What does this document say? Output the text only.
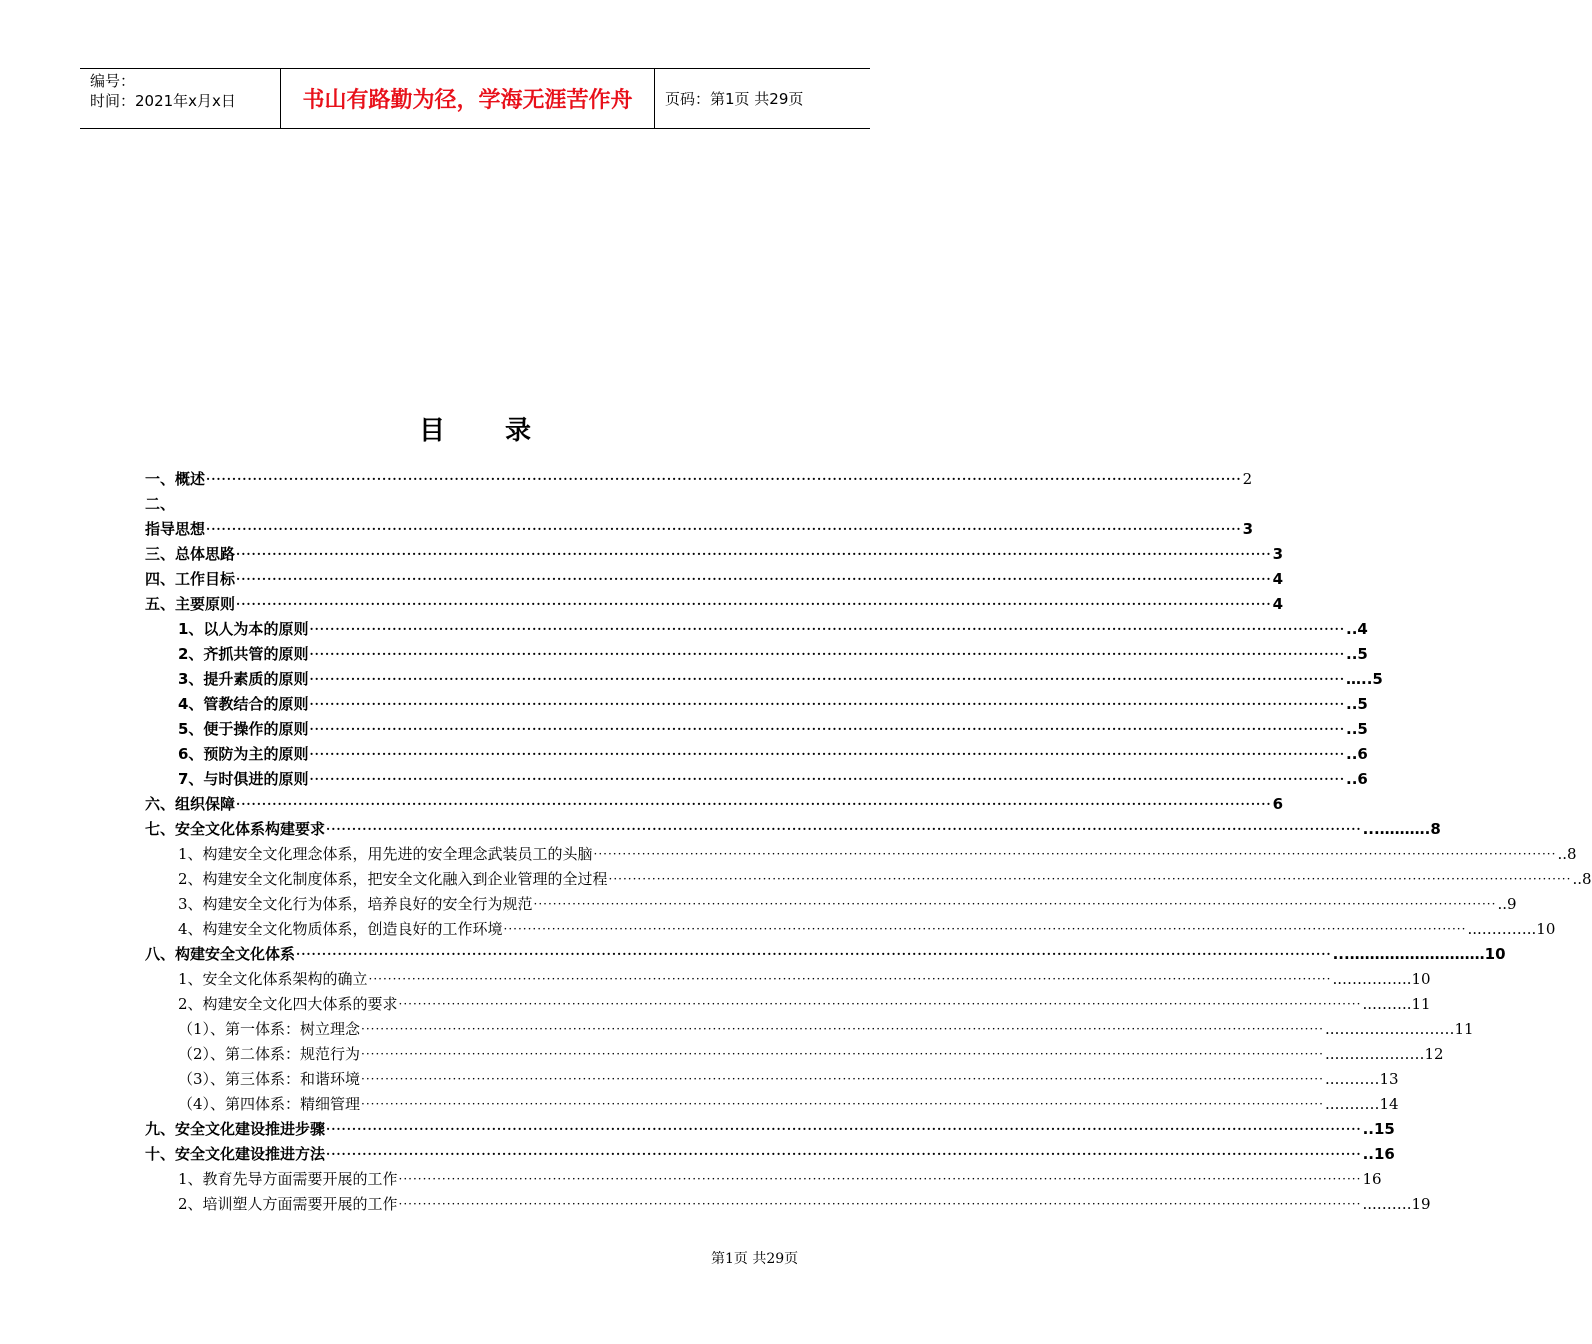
编号：
时间：2021年x月x日	书山有路勤为径，学海无涯苦作舟	页码：第1页 共29页
目 录
一、概述 ········································································································································································································ 2
二、
指导思想 ········································································································································································································ 3
三、总体思路 ········································································································································································································ 3
四、工作目标 ········································································································································································································ 4
五、主要原则 ········································································································································································································ 4
1、以人为本的原则 ········································································································································································································ ..4
2、齐抓共管的原则 ········································································································································································································ ..5
3、提升素质的原则 ········································································································································································································ …..5
4、管教结合的原则 ········································································································································································································ ..5
5、便于操作的原则 ········································································································································································································ ..5
6、预防为主的原则 ········································································································································································································ ..6
7、与时俱进的原则 ········································································································································································································ ..6
六、组织保障 ········································································································································································································ 6
七、安全文化体系构建要求 ········································································································································································································ ...……….8
1、构建安全文化理念体系，用先进的安全理念武装员工的头脑 ········································································································································································································ ..8
2、构建安全文化制度体系，把安全文化融入到企业管理的全过程 ········································································································································································································ ..8
3、构建安全文化行为体系，培养良好的安全行为规范 ········································································································································································································ ..9
4、构建安全文化物质体系，创造良好的工作环境 ········································································································································································································ ...………..10
八、构建安全文化体系 ········································································································································································································ ...………………………10
1、安全文化体系架构的确立 ········································································································································································································ ..…………..10
2、构建安全文化四大体系的要求 ········································································································································································································ ..……..11
（1）、第一体系：树立理念 ········································································································································································································ ..……………………11
（2）、第二体系：规范行为 ········································································································································································································ ..………………12
（3）、第三体系：和谐环境 ········································································································································································································ ..………13
（4）、第四体系：精细管理 ········································································································································································································ ..………14
九、安全文化建设推进步骤 ········································································································································································································ ..15
十、安全文化建设推进方法 ········································································································································································································ ..16
1、教育先导方面需要开展的工作 ········································································································································································································ 16
2、培训塑人方面需要开展的工作 ········································································································································································································ ...…….19
第1页 共29页
